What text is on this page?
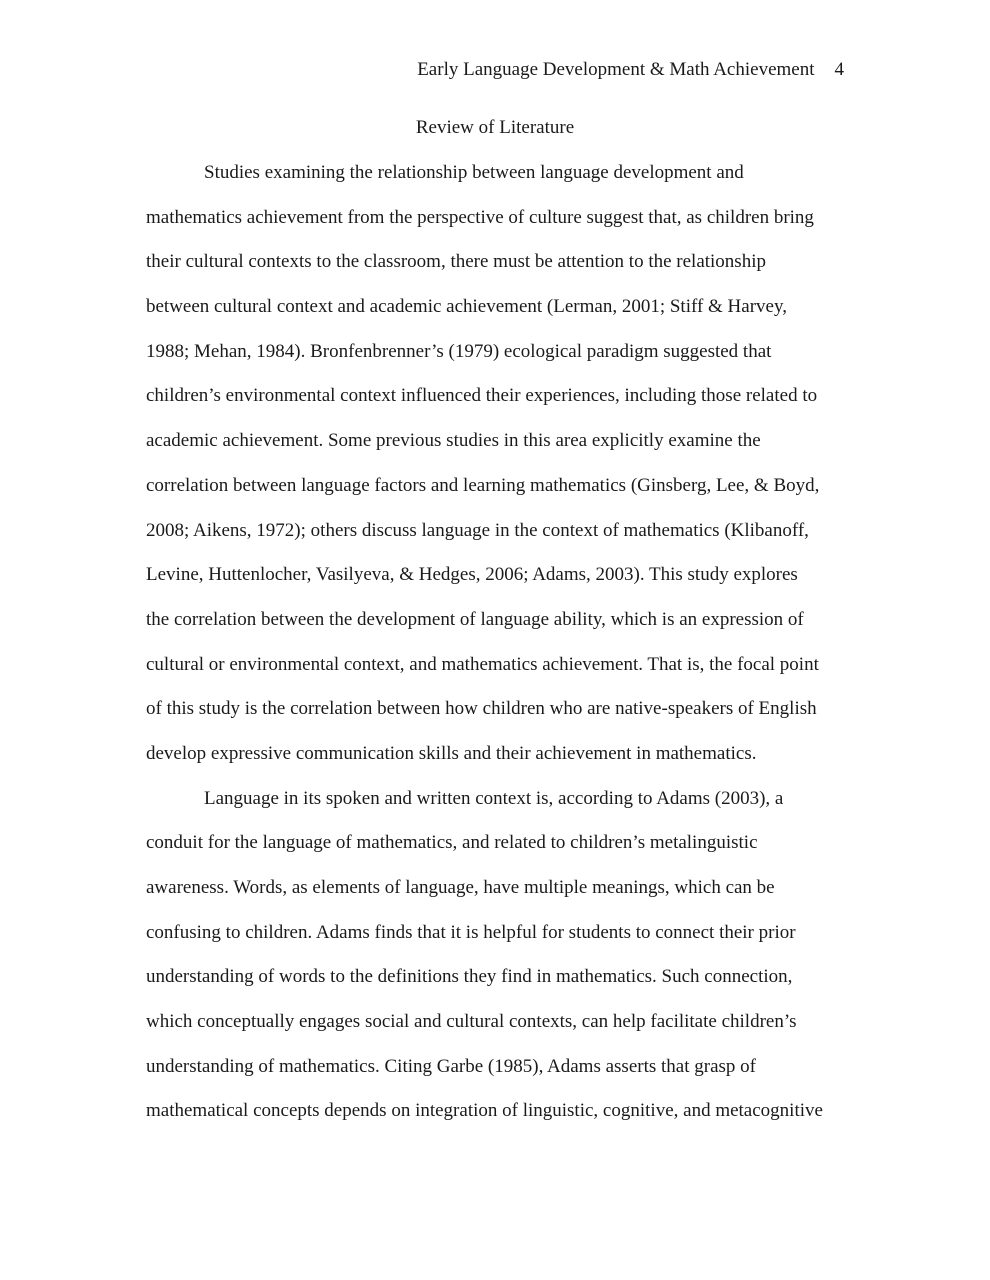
Early Language Development & Math Achievement 4
Review of Literature
Studies examining the relationship between language development and
mathematics achievement from the perspective of culture suggest that, as children bring
their cultural contexts to the classroom, there must be attention to the relationship
between cultural context and academic achievement (Lerman, 2001; Stiff & Harvey,
1988; Mehan, 1984). Bronfenbrenner’s (1979) ecological paradigm suggested that
children’s environmental context influenced their experiences, including those related to
academic achievement. Some previous studies in this area explicitly examine the
correlation between language factors and learning mathematics (Ginsberg, Lee, & Boyd,
2008; Aikens, 1972); others discuss language in the context of mathematics (Klibanoff,
Levine, Huttenlocher, Vasilyeva, & Hedges, 2006; Adams, 2003). This study explores
the correlation between the development of language ability, which is an expression of
cultural or environmental context, and mathematics achievement. That is, the focal point
of this study is the correlation between how children who are native-speakers of English
develop expressive communication skills and their achievement in mathematics.
Language in its spoken and written context is, according to Adams (2003), a
conduit for the language of mathematics, and related to children’s metalinguistic
awareness. Words, as elements of language, have multiple meanings, which can be
confusing to children. Adams finds that it is helpful for students to connect their prior
understanding of words to the definitions they find in mathematics. Such connection,
which conceptually engages social and cultural contexts, can help facilitate children’s
understanding of mathematics. Citing Garbe (1985), Adams asserts that grasp of
mathematical concepts depends on integration of linguistic, cognitive, and metacognitive
